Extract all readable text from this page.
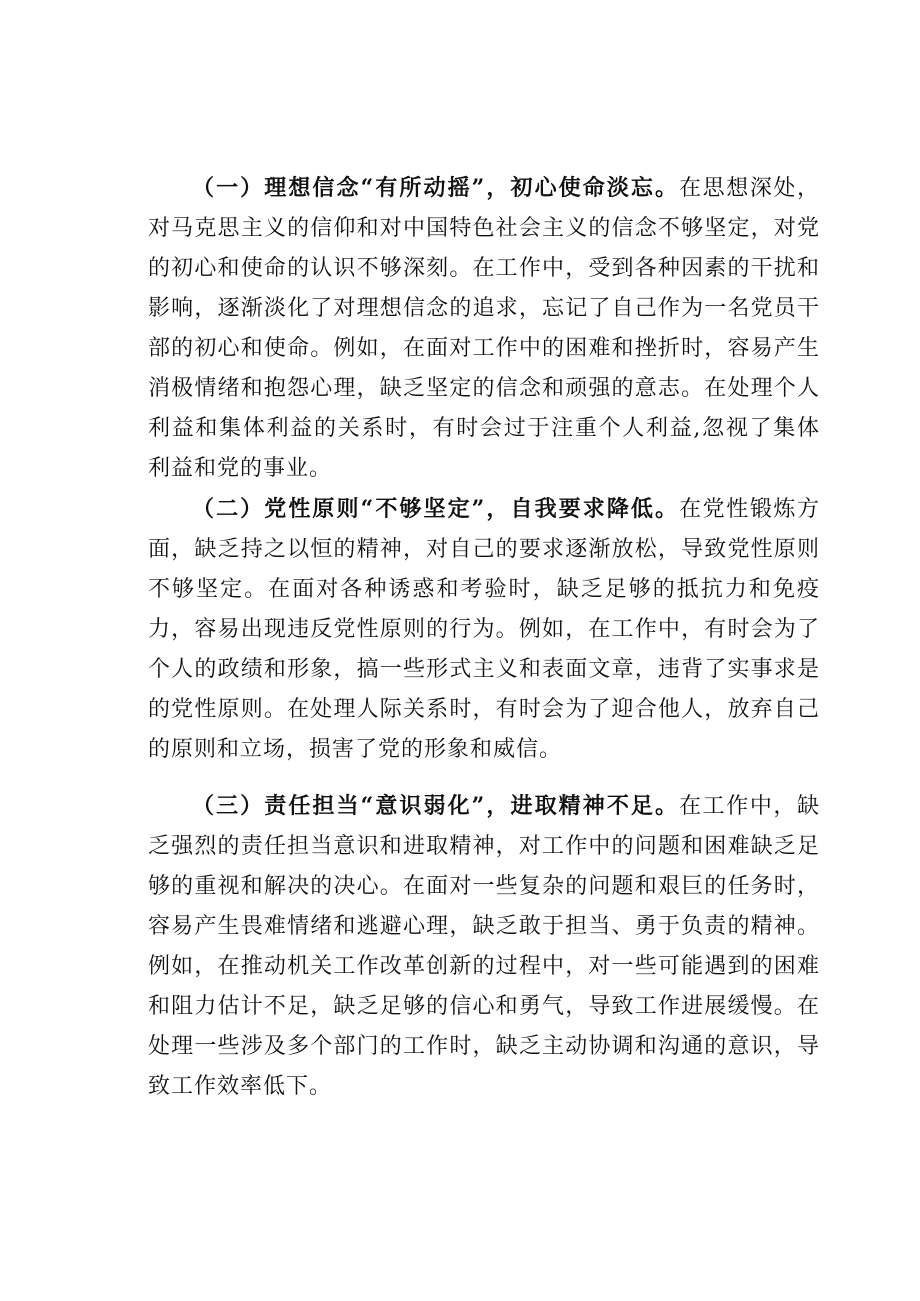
（一）理想信念“有所动摇”，初心使命淡忘。在思想深处，对马克思主义的信仰和对中国特色社会主义的信念不够坚定，对党的初心和使命的认识不够深刻。在工作中，受到各种因素的干扰和影响，逐渐淡化了对理想信念的追求，忘记了自己作为一名党员干部的初心和使命。例如，在面对工作中的困难和挫折时，容易产生消极情绪和抱怨心理，缺乏坚定的信念和顽强的意志。在处理个人利益和集体利益的关系时，有时会过于注重个人利益,忽视了集体利益和党的事业。

（二）党性原则“不够坚定”，自我要求降低。在党性锻炼方面，缺乏持之以恒的精神，对自己的要求逐渐放松，导致党性原则不够坚定。在面对各种诱惑和考验时，缺乏足够的抵抗力和免疫力，容易出现违反党性原则的行为。例如，在工作中，有时会为了个人的政绩和形象，搞一些形式主义和表面文章，违背了实事求是的党性原则。在处理人际关系时，有时会为了迎合他人，放弃自己的原则和立场，损害了党的形象和威信。

（三）责任担当“意识弱化”，进取精神不足。在工作中，缺乏强烈的责任担当意识和进取精神，对工作中的问题和困难缺乏足够的重视和解决的决心。在面对一些复杂的问题和艰巨的任务时，容易产生畏难情绪和逃避心理，缺乏敢于担当、勇于负责的精神。例如，在推动机关工作改革创新的过程中，对一些可能遇到的困难和阻力估计不足，缺乏足够的信心和勇气，导致工作进展缓慢。在处理一些涉及多个部门的工作时，缺乏主动协调和沟通的意识，导致工作效率低下。
